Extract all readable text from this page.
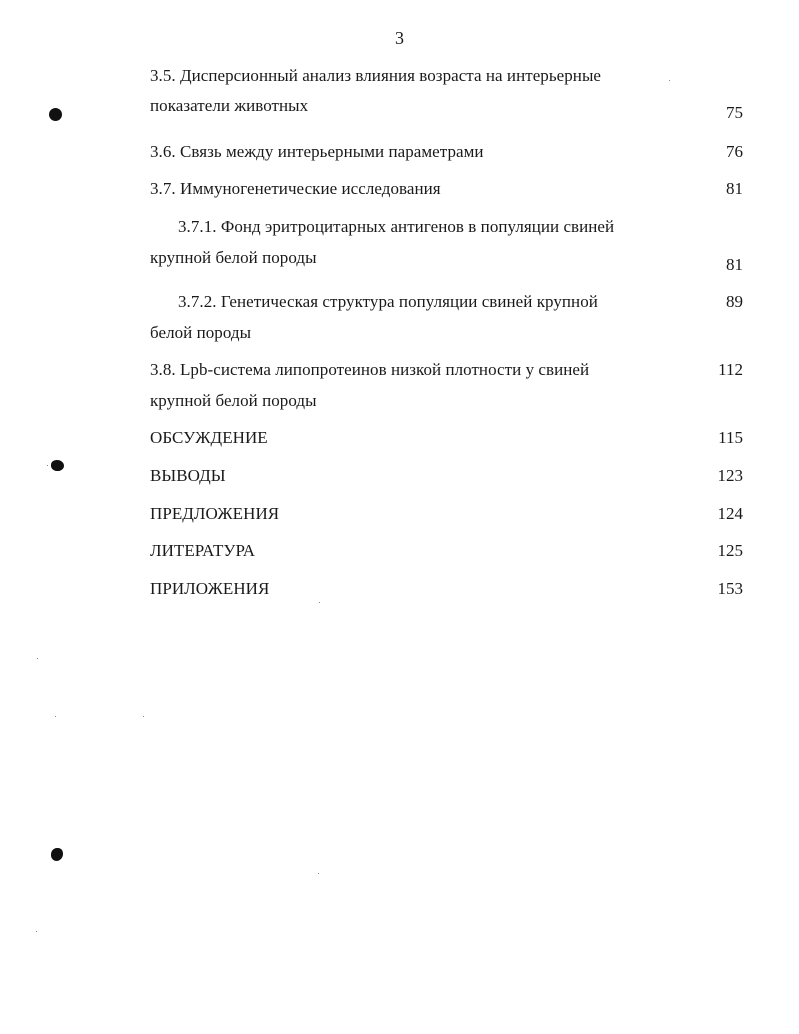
3
3.5. Дисперсионный анализ влияния возраста на интерьерные
показатели животных	75
3.6. Связь между интерьерными параметрами	76
3.7. Иммуногенетические исследования	81
3.7.1. Фонд эритроцитарных антигенов в популяции свиней
крупной белой породы	81
3.7.2. Генетическая структура популяции свиней крупной	89
белой породы
3.8. Lpb-система липопротеинов низкой плотности у свиней	112
крупной белой породы
ОБСУЖДЕНИЕ	115
ВЫВОДЫ	123
ПРЕДЛОЖЕНИЯ	124
ЛИТЕРАТУРА	125
ПРИЛОЖЕНИЯ	153
